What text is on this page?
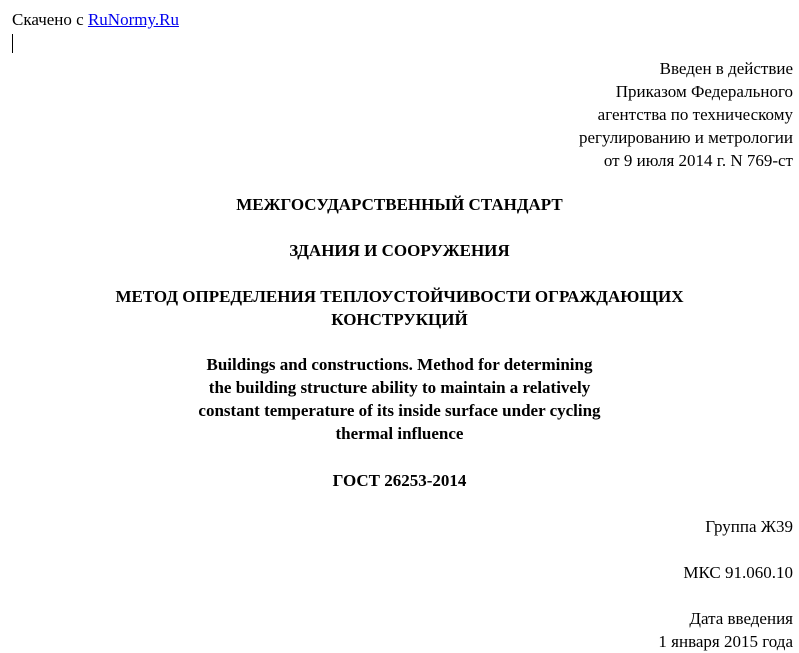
Скачено с RuNormy.Ru
Введен в действие
Приказом Федерального
агентства по техническому
регулированию и метрологии
от 9 июля 2014 г. N 769-ст
МЕЖГОСУДАРСТВЕННЫЙ СТАНДАРТ
ЗДАНИЯ И СООРУЖЕНИЯ
МЕТОД ОПРЕДЕЛЕНИЯ ТЕПЛОУСТОЙЧИВОСТИ ОГРАЖДАЮЩИХ
КОНСТРУКЦИЙ
Buildings and constructions. Method for determining
the building structure ability to maintain a relatively
constant temperature of its inside surface under cycling
thermal influence
ГОСТ 26253-2014
Группа Ж39
МКС 91.060.10
Дата введения
1 января 2015 года
